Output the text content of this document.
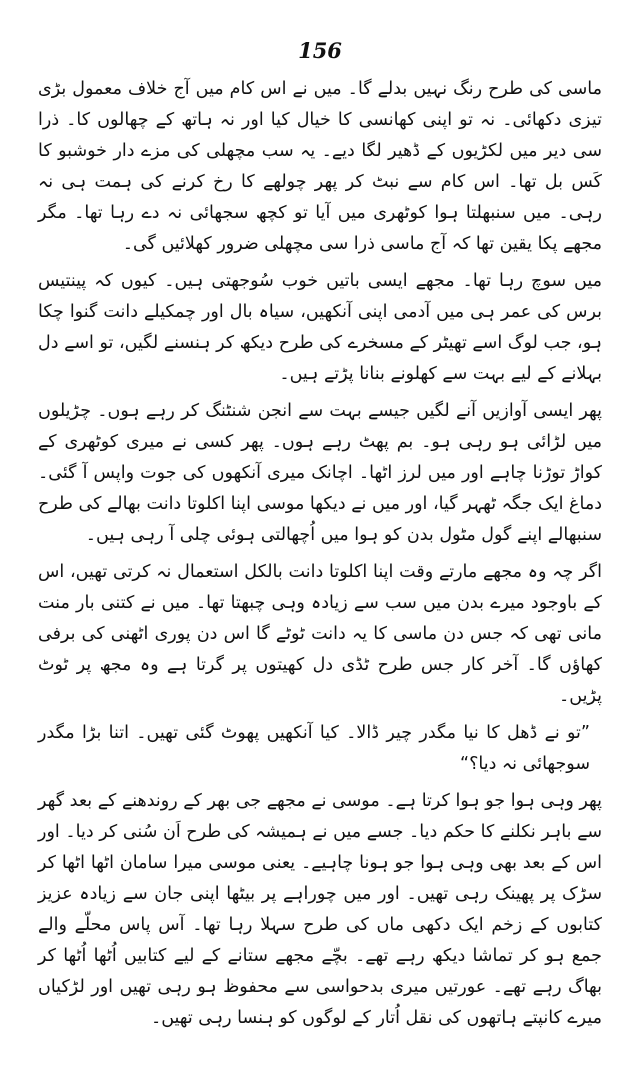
156

ماسی کی طرح رنگ نہیں بدلے گا۔ میں نے اس کام میں آج خلاف معمول بڑی تیزی دکھائی۔ نہ تو اپنی کھانسی کا خیال کیا اور نہ ہاتھ کے چھالوں کا۔ ذرا سی دیر میں لکڑیوں کے ڈھیر لگا دیے۔ یہ سب مچھلی کی مزے دار خوشبو کا کَس بل تھا۔ اس کام سے نبٹ کر پھر چولھے کا رخ کرنے کی ہمت ہی نہ رہی۔ میں سنبھلتا ہوا کوٹھری میں آیا تو کچھ سجھائی نہ دے رہا تھا۔ مگر مجھے پکا یقین تھا کہ آج ماسی ذرا سی مچھلی ضرور کھلائیں گی۔

میں سوچ رہا تھا۔ مجھے ایسی باتیں خوب سُوجھتی ہیں۔ کیوں کہ پینتیس برس کی عمر ہی میں آدمی اپنی آنکھیں، سیاہ بال اور چمکیلے دانت گنوا چکا ہو، جب لوگ اسے تھیٹر کے مسخرے کی طرح دیکھ کر ہنسنے لگیں، تو اسے دل بہلانے کے لیے بہت سے کھلونے بنانا پڑتے ہیں۔

پھر ایسی آوازیں آنے لگیں جیسے بہت سے انجن شنٹنگ کر رہے ہوں۔ چڑیلوں میں لڑائی ہو رہی ہو۔ بم پھٹ رہے ہوں۔ پھر کسی نے میری کوٹھری کے کواڑ توڑنا چاہے اور میں لرز اٹھا۔ اچانک میری آنکھوں کی جوت واپس آ گئی۔ دماغ ایک جگہ ٹھہر گیا، اور میں نے دیکھا موسی اپنا اکلوتا دانت بھالے کی طرح سنبھالے اپنے گول مٹول بدن کو ہوا میں اُچھالتی ہوئی چلی آ رہی ہیں۔

اگر چہ وہ مجھے مارتے وقت اپنا اکلوتا دانت بالکل استعمال نہ کرتی تھیں، اس کے باوجود میرے بدن میں سب سے زیادہ وہی چبھتا تھا۔ میں نے کتنی بار منت مانی تھی کہ جس دن ماسی کا یہ دانت ٹوٹے گا اس دن پوری اٹھنی کی برفی کھاؤں گا۔ آخر کار جس طرح ٹڈی دل کھیتوں پر گرتا ہے وہ مجھ پر ٹوٹ پڑیں۔

”تو نے ڈھل کا نیا مگدر چیر ڈالا۔ کیا آنکھیں پھوٹ گئی تھیں۔ اتنا بڑا مگدر سوجھائی نہ دیا؟“

پھر وہی ہوا جو ہوا کرتا ہے۔ موسی نے مجھے جی بھر کے روندھنے کے بعد گھر سے باہر نکلنے کا حکم دیا۔ جسے میں نے ہمیشہ کی طرح اَن سُنی کر دیا۔ اور اس کے بعد بھی وہی ہوا جو ہونا چاہیے۔ یعنی موسی میرا سامان اٹھا اٹھا کر سڑک پر پھینک رہی تھیں۔ اور میں چوراہے پر بیٹھا اپنی جان سے زیادہ عزیز کتابوں کے زخم ایک دکھی ماں کی طرح سہلا رہا تھا۔ آس پاس محلّے والے جمع ہو کر تماشا دیکھ رہے تھے۔ بچّے مجھے ستانے کے لیے کتابیں اُٹھا اُٹھا کر بھاگ رہے تھے۔ عورتیں میری بدحواسی سے محفوظ ہو رہی تھیں اور لڑکیاں میرے کانپتے ہاتھوں کی نقل اُتار کے لوگوں کو ہنسا رہی تھیں۔
